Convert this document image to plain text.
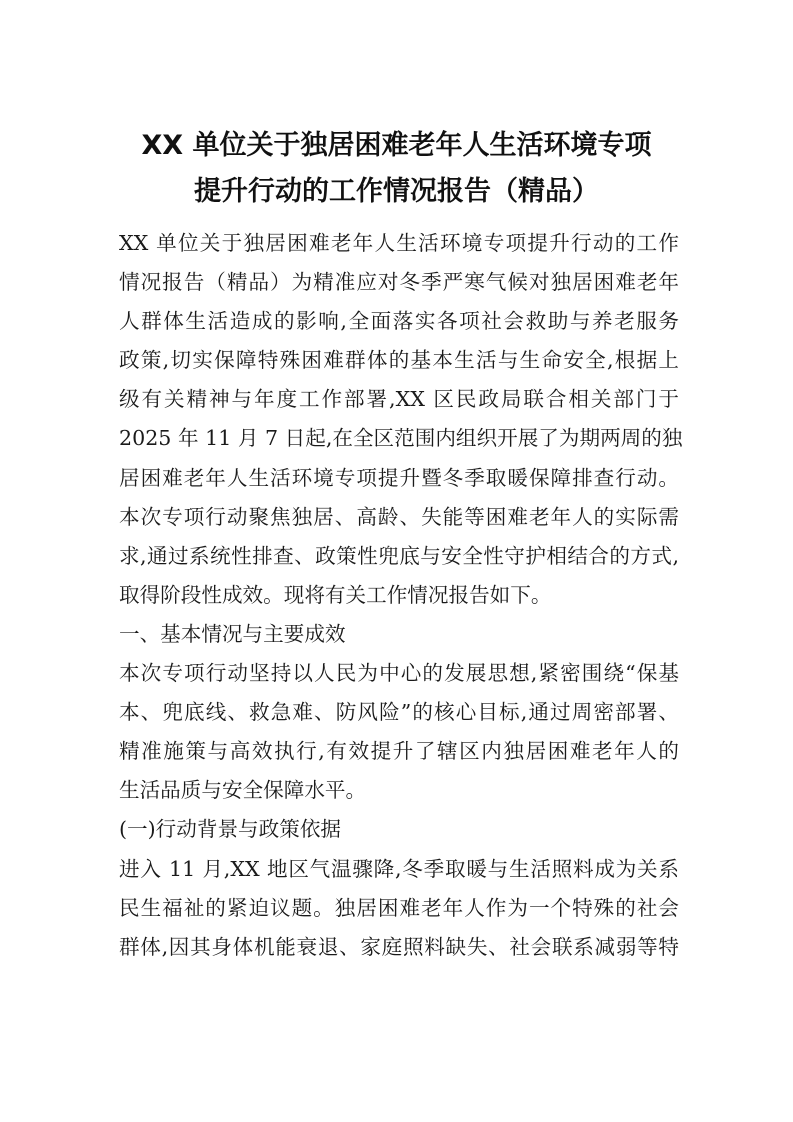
XX 单位关于独居困难老年人生活环境专项
提升行动的工作情况报告（精品）
XX 单位关于独居困难老年人生活环境专项提升行动的工作
情况报告（精品）为精准应对冬季严寒气候对独居困难老年
人群体生活造成的影响,全面落实各项社会救助与养老服务
政策,切实保障特殊困难群体的基本生活与生命安全,根据上
级有关精神与年度工作部署,XX 区民政局联合相关部门于
2025 年 11 月 7 日起,在全区范围内组织开展了为期两周的独
居困难老年人生活环境专项提升暨冬季取暖保障排查行动。
本次专项行动聚焦独居、高龄、失能等困难老年人的实际需
求,通过系统性排查、政策性兜底与安全性守护相结合的方式,
取得阶段性成效。现将有关工作情况报告如下。
一、基本情况与主要成效
本次专项行动坚持以人民为中心的发展思想,紧密围绕“保基
本、兜底线、救急难、防风险”的核心目标,通过周密部署、
精准施策与高效执行,有效提升了辖区内独居困难老年人的
生活品质与安全保障水平。
(一)行动背景与政策依据
进入 11 月,XX 地区气温骤降,冬季取暖与生活照料成为关系
民生福祉的紧迫议题。独居困难老年人作为一个特殊的社会
群体,因其身体机能衰退、家庭照料缺失、社会联系减弱等特
